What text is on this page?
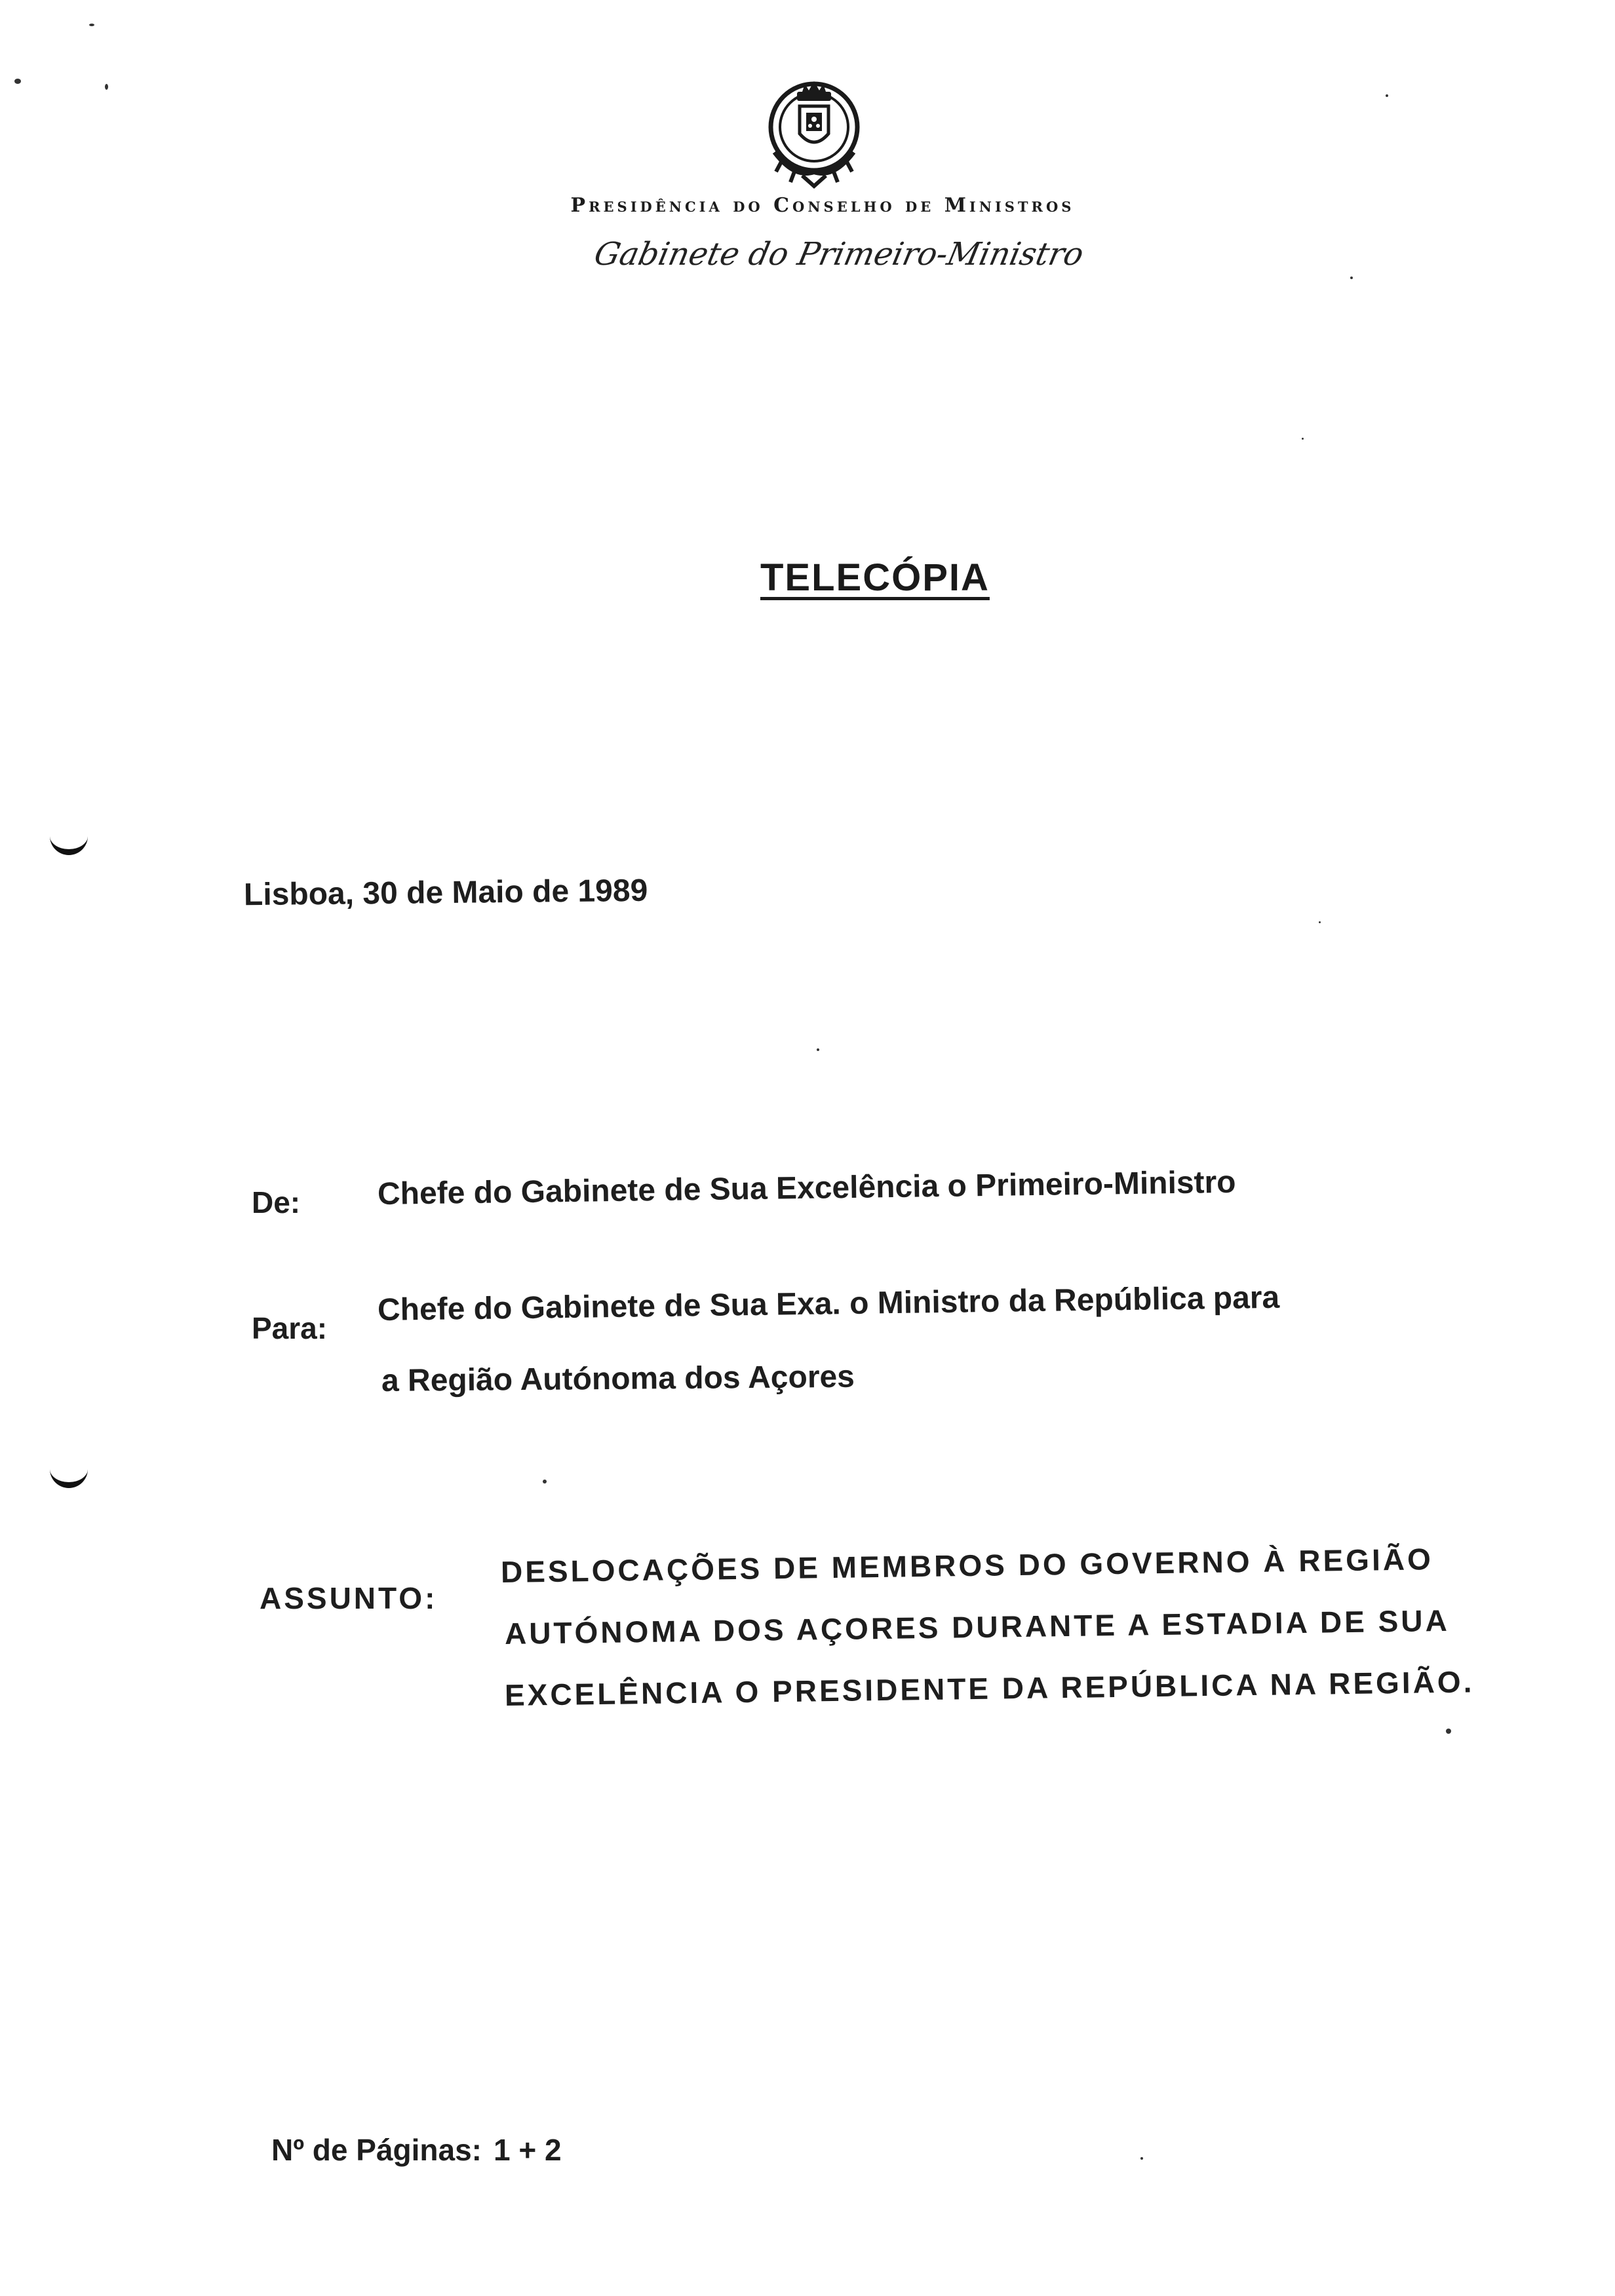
Presidência do Conselho de Ministros
Gabinete do Primeiro-Ministro
TELECÓPIA
Lisboa, 30 de Maio de 1989
De: Chefe do Gabinete de Sua Excelência o Primeiro-Ministro
Para:
Chefe do Gabinete de Sua Exa. o Ministro da República para
a Região Autónoma dos Açores
ASSUNTO:
DESLOCAÇÕES DE MEMBROS DO GOVERNO À REGIÃO
AUTÓNOMA DOS AÇORES DURANTE A ESTADIA DE SUA
EXCELÊNCIA O PRESIDENTE DA REPÚBLICA NA REGIÃO.
Nº de Páginas: 1 + 2
